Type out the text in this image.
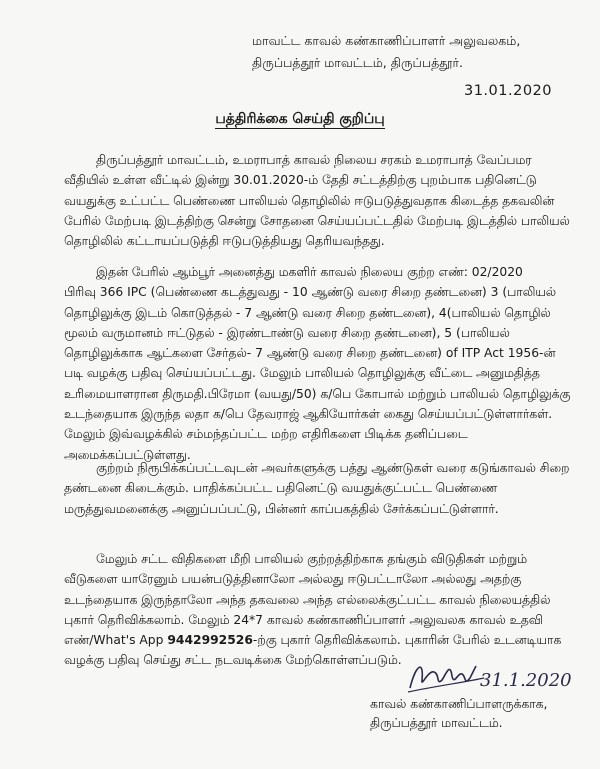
மாவட்ட காவல் கண்காணிப்பாளர் அலுவலகம்,
திருப்பத்தூர் மாவட்டம், திருப்பத்தூர்.
31.01.2020
பத்திரிக்கை செய்தி குறிப்பு
திருப்பத்தூர் மாவட்டம், உமராபாத் காவல் நிலைய சரகம் உமராபாத் வேப்பமர
வீதியில் உள்ள வீட்டில் இன்று 30.01.2020-ம் தேதி சட்டத்திற்கு புறம்பாக பதினெட்டு
வயதுக்கு உட்பட்ட பெண்ணை பாலியல் தொழிலில் ஈடுபடுத்துவதாக கிடைத்த தகவலின்
பேரில் மேற்படி இடத்திற்கு சென்று சோதனை செய்யப்பட்டதில் மேற்படி இடத்தில் பாலியல்
தொழிலில் கட்டாயப்படுத்தி ஈடுபடுத்தியது தெரியவந்தது.
இதன் பேரில் ஆம்பூர் அனைத்து மகளிர் காவல் நிலைய குற்ற எண்: 02/2020
பிரிவு 366 IPC (பெண்ணை கடத்துவது - 10 ஆண்டு வரை சிறை தண்டனை) 3 (பாலியல்
தொழிலுக்கு இடம் கொடுத்தல் - 7 ஆண்டு வரை சிறை தண்டனை), 4(பாலியல் தொழில்
மூலம் வருமானம் ஈட்டுதல் - இரண்டாண்டு வரை சிறை தண்டனை), 5 (பாலியல்
தொழிலுக்காக ஆட்களை சேர்தல்- 7 ஆண்டு வரை சிறை தண்டனை) of ITP Act 1956-ன்
படி வழக்கு பதிவு செய்யப்பட்டது. மேலும் பாலியல் தொழிலுக்கு வீட்டை அனுமதித்த
உரிமையாளரான திருமதி.பிரேமா (வயது/50) க/பெ கோபால் மற்றும் பாலியல் தொழிலுக்கு
உடந்தையாக இருந்த லதா க/பெ தேவராஜ் ஆகியோர்கள் கைது செய்யப்பட்டுள்ளார்கள்.
மேலும் இவ்வழக்கில் சம்மந்தப்பட்ட மற்ற எதிரிகளை பிடிக்க தனிப்படை
அமைக்கப்பட்டுள்ளது.
குற்றம் நிரூபிக்கப்பட்டவுடன் அவர்களுக்கு பத்து ஆண்டுகள் வரை கடுங்காவல் சிறை
தண்டனை கிடைக்கும். பாதிக்கப்பட்ட பதினெட்டு வயதுக்குட்பட்ட பெண்ணை
மருத்துவமனைக்கு அனுப்பப்பட்டு, பின்னர் காப்பகத்தில் சேர்க்கப்பட்டுள்ளார்.
மேலும் சட்ட விதிகளை மீறி பாலியல் குற்றத்திற்காக தங்கும் விடுதிகள் மற்றும்
வீடுகளை யாரேனும் பயன்படுத்தினாலோ அல்லது ஈடுபட்டாலோ அல்லது அதற்கு
உடந்தையாக இருந்தாலோ அந்த தகவலை அந்த எல்லைக்குட்பட்ட காவல் நிலையத்தில்
புகார் தெரிவிக்கலாம். மேலும் 24*7 காவல் கண்காணிப்பாளர் அலுவலக காவல் உதவி
எண்/What's App 9442992526-ற்கு புகார் தெரிவிக்கலாம். புகாரின் பேரில் உடனடியாக
வழக்கு பதிவு செய்து சட்ட நடவடிக்கை மேற்கொள்ளப்படும்.
31.1.2020
காவல் கண்காணிப்பாளருக்காக,
திருப்பத்தூர் மாவட்டம்.
